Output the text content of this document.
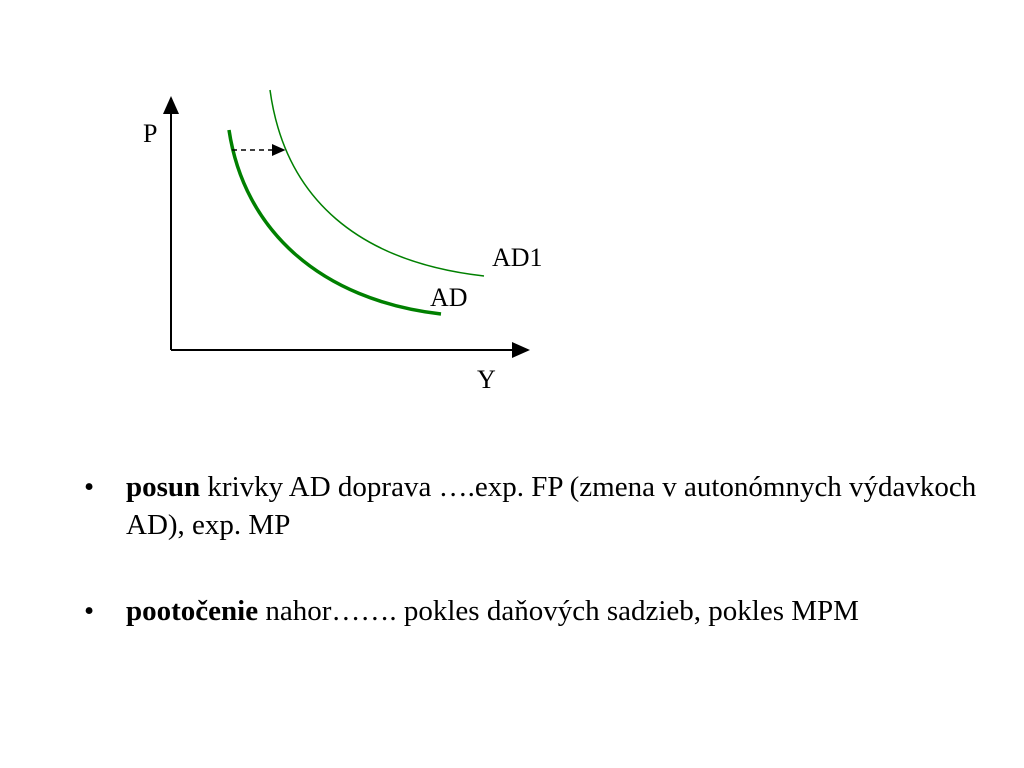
P
Y
AD1
AD
• posun krivky AD doprava ….exp. FP (zmena v autonómnych výdavkoch AD), exp. MP
• pootočenie nahor……. pokles daňových sadzieb, pokles MPM
